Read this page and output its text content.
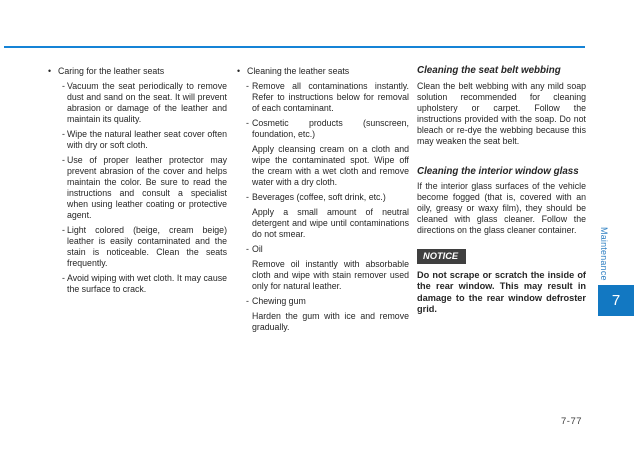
• Caring for the leather seats
- Vacuum the seat periodically to remove dust and sand on the seat. It will prevent abrasion or damage of the leather and maintain its quality.
- Wipe the natural leather seat cover often with dry or soft cloth.
- Use of proper leather protector may prevent abrasion of the cover and helps maintain the color. Be sure to read the instructions and consult a specialist when using leather coating or protective agent.
- Light colored (beige, cream beige) leather is easily contaminated and the stain is noticeable. Clean the seats frequently.
- Avoid wiping with wet cloth. It may cause the surface to crack.
• Cleaning the leather seats
- Remove all contaminations instantly. Refer to instructions below for removal of each contaminant.
- Cosmetic products (sunscreen, foundation, etc.)
Apply cleansing cream on a cloth and wipe the contaminated spot. Wipe off the cream with a wet cloth and remove water with a dry cloth.
- Beverages (coffee, soft drink, etc.)
Apply a small amount of neutral detergent and wipe until contaminations do not smear.
- Oil
Remove oil instantly with absorbable cloth and wipe with stain remover used only for natural leather.
- Chewing gum
Harden the gum with ice and remove gradually.
Cleaning the seat belt webbing
Clean the belt webbing with any mild soap solution recommended for cleaning upholstery or carpet. Follow the instructions provided with the soap. Do not bleach or re-dye the webbing because this may weaken the seat belt.
Cleaning the interior window glass
If the interior glass surfaces of the vehicle become fogged (that is, covered with an oily, greasy or waxy film), they should be cleaned with glass cleaner. Follow the directions on the glass cleaner container.
NOTICE
Do not scrape or scratch the inside of the rear window. This may result in damage to the rear window defroster grid.
Maintenance
7
7-77
